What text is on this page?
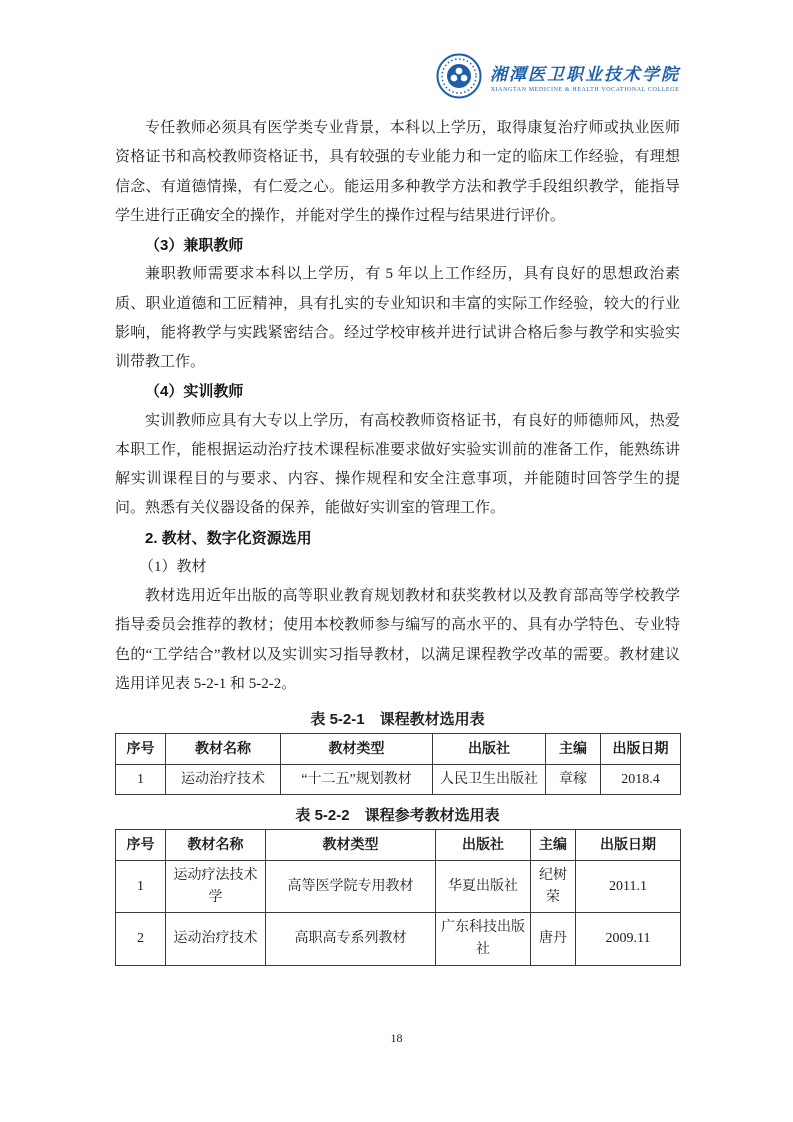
湘潭医卫职业技术学院
XIANGTAN MEDICINE & HEALTH VOCATIONAL COLLEGE

专任教师必须具有医学类专业背景，本科以上学历，取得康复治疗师或执业医师资格证书和高校教师资格证书，具有较强的专业能力和一定的临床工作经验，有理想信念、有道德情操，有仁爱之心。能运用多种教学方法和教学手段组织教学，能指导学生进行正确安全的操作，并能对学生的操作过程与结果进行评价。

（3）兼职教师

兼职教师需要求本科以上学历，有 5 年以上工作经历，具有良好的思想政治素质、职业道德和工匠精神，具有扎实的专业知识和丰富的实际工作经验，较大的行业影响，能将教学与实践紧密结合。经过学校审核并进行试讲合格后参与教学和实验实训带教工作。

（4）实训教师

实训教师应具有大专以上学历，有高校教师资格证书，有良好的师德师风，热爱本职工作，能根据运动治疗技术课程标准要求做好实验实训前的准备工作，能熟练讲解实训课程目的与要求、内容、操作规程和安全注意事项，并能随时回答学生的提问。熟悉有关仪器设备的保养，能做好实训室的管理工作。

2. 教材、数字化资源选用

（1）教材

教材选用近年出版的高等职业教育规划教材和获奖教材以及教育部高等学校教学指导委员会推荐的教材；使用本校教师参与编写的高水平的、具有办学特色、专业特色的“工学结合”教材以及实训实习指导教材，以满足课程教学改革的需要。教材建议选用详见表 5-2-1 和 5-2-2。

表 5-2-1　课程教材选用表

序号	教材名称	教材类型	出版社	主编	出版日期
1	运动治疗技术	“十二五”规划教材	人民卫生出版社	章稼	2018.4

表 5-2-2　课程参考教材选用表

序号	教材名称	教材类型	出版社	主编	出版日期
1	运动疗法技术学	高等医学院专用教材	华夏出版社	纪树荣	2011.1
2	运动治疗技术	高职高专系列教材	广东科技出版社	唐丹	2009.11
18
